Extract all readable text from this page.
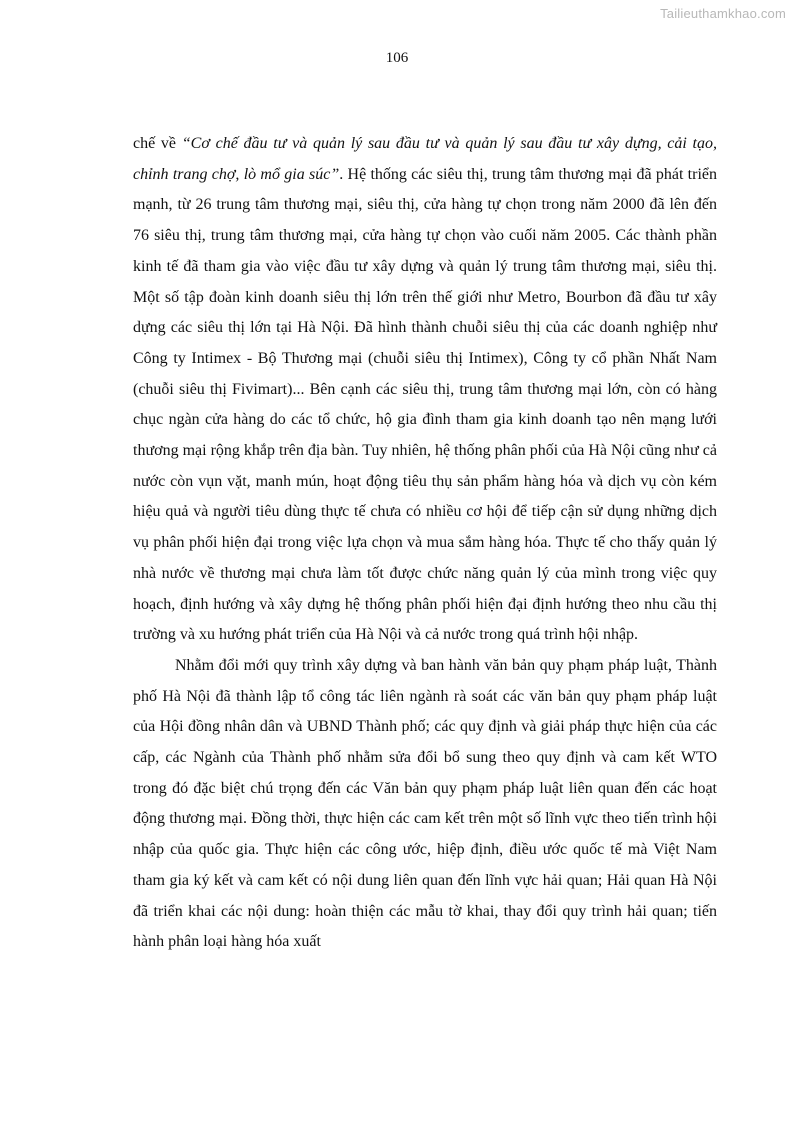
Tailieuthamkhao.com
106

chế về “Cơ chế đầu tư và quản lý sau đầu tư và quản lý sau đầu tư xây dựng, cải tạo, chỉnh trang chợ, lò mổ gia súc”. Hệ thống các siêu thị, trung tâm thương mại đã phát triển mạnh, từ 26 trung tâm thương mại, siêu thị, cửa hàng tự chọn trong năm 2000 đã lên đến 76 siêu thị, trung tâm thương mại, cửa hàng tự chọn vào cuối năm 2005. Các thành phần kinh tế đã tham gia vào việc đầu tư xây dựng và quản lý trung tâm thương mại, siêu thị. Một số tập đoàn kinh doanh siêu thị lớn trên thế giới như Metro, Bourbon đã đầu tư xây dựng các siêu thị lớn tại Hà Nội. Đã hình thành chuỗi siêu thị của các doanh nghiệp như Công ty Intimex - Bộ Thương mại (chuỗi siêu thị Intimex), Công ty cổ phần Nhất Nam (chuỗi siêu thị Fivimart)... Bên cạnh các siêu thị, trung tâm thương mại lớn, còn có hàng chục ngàn cửa hàng do các tổ chức, hộ gia đình tham gia kinh doanh tạo nên mạng lưới thương mại rộng khắp trên địa bàn. Tuy nhiên, hệ thống phân phối của Hà Nội cũng như cả nước còn vụn vặt, manh mún, hoạt động tiêu thụ sản phẩm hàng hóa và dịch vụ còn kém hiệu quả và người tiêu dùng thực tế chưa có nhiều cơ hội để tiếp cận sử dụng những dịch vụ phân phối hiện đại trong việc lựa chọn và mua sắm hàng hóa. Thực tế cho thấy quản lý nhà nước về thương mại chưa làm tốt được chức năng quản lý của mình trong việc quy hoạch, định hướng và xây dựng hệ thống phân phối hiện đại định hướng theo nhu cầu thị trường và xu hướng phát triển của Hà Nội và cả nước trong quá trình hội nhập.

Nhằm đổi mới quy trình xây dựng và ban hành văn bản quy phạm pháp luật, Thành phố Hà Nội đã thành lập tổ công tác liên ngành rà soát các văn bản quy phạm pháp luật của Hội đồng nhân dân và UBND Thành phố; các quy định và giải pháp thực hiện của các cấp, các Ngành của Thành phố nhằm sửa đổi bổ sung theo quy định và cam kết WTO trong đó đặc biệt chú trọng đến các Văn bản quy phạm pháp luật liên quan đến các hoạt động thương mại. Đồng thời, thực hiện các cam kết trên một số lĩnh vực theo tiến trình hội nhập của quốc gia. Thực hiện các công ước, hiệp định, điều ước quốc tế mà Việt Nam tham gia ký kết và cam kết có nội dung liên quan đến lĩnh vực hải quan; Hải quan Hà Nội đã triển khai các nội dung: hoàn thiện các mẫu tờ khai, thay đổi quy trình hải quan; tiến hành phân loại hàng hóa xuất
